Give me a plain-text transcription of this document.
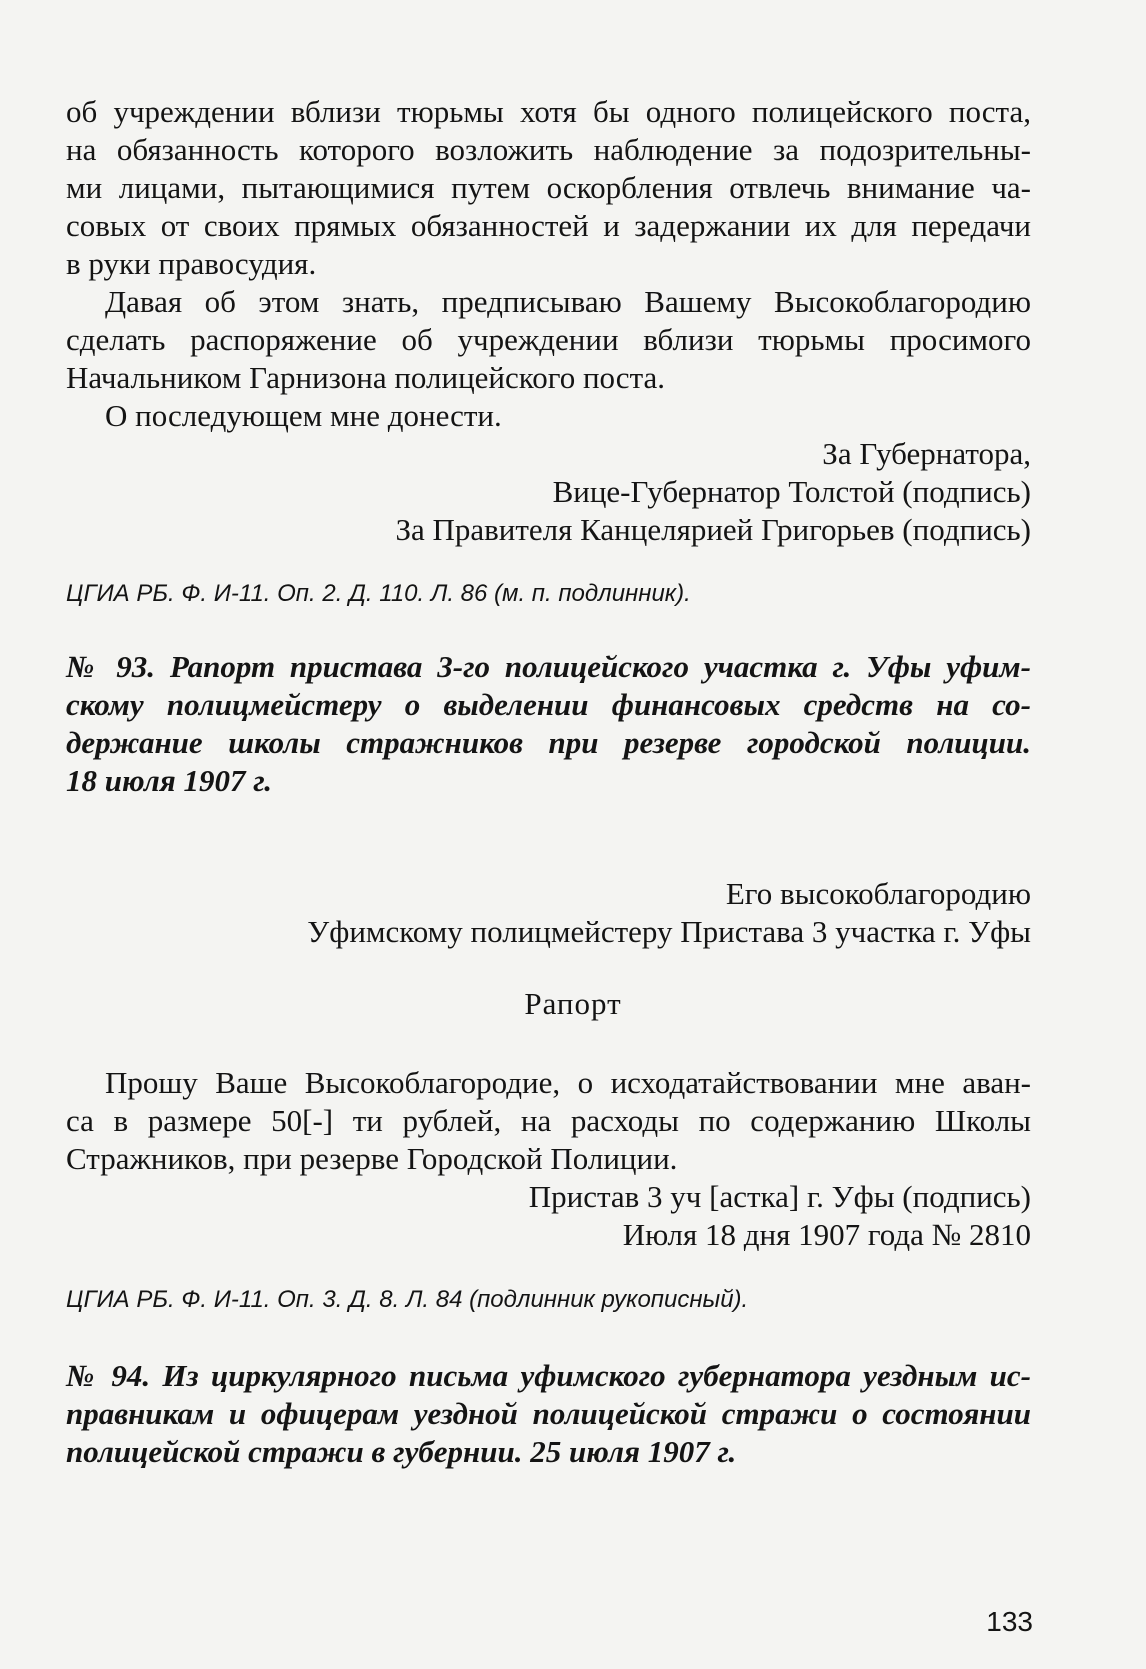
об учреждении вблизи тюрьмы хотя бы одного полицейского поста,
на обязанность которого возложить наблюдение за подозрительны-
ми лицами, пытающимися путем оскорбления отвлечь внимание ча-
совых от своих прямых обязанностей и задержании их для передачи
в руки правосудия.
Давая об этом знать, предписываю Вашему Высокоблагородию
сделать распоряжение об учреждении вблизи тюрьмы просимого
Начальником Гарнизона полицейского поста.
О последующем мне донести.
За Губернатора,
Вице-Губернатор Толстой (подпись)
За Правителя Канцелярией Григорьев (подпись)
ЦГИА РБ. Ф. И-11. Оп. 2. Д. 110. Л. 86 (м. п. подлинник).
№ 93. Рапорт пристава 3-го полицейского участка г. Уфы уфим-
скому полицмейстеру о выделении финансовых средств на со-
держание школы стражников при резерве городской полиции.
18 июля 1907 г.
Его высокоблагородию
Уфимскому полицмейстеру Пристава 3 участка г. Уфы
Рапорт
Прошу Ваше Высокоблагородие, о исходатайствовании мне аван-
са в размере 50[-] ти рублей, на расходы по содержанию Школы
Стражников, при резерве Городской Полиции.
Пристав 3 уч [астка] г. Уфы (подпись)
Июля 18 дня 1907 года № 2810
ЦГИА РБ. Ф. И-11. Оп. 3. Д. 8. Л. 84 (подлинник рукописный).
№ 94. Из циркулярного письма уфимского губернатора уездным ис-
правникам и офицерам уездной полицейской стражи о состоянии
полицейской стражи в губернии. 25 июля 1907 г.
133
